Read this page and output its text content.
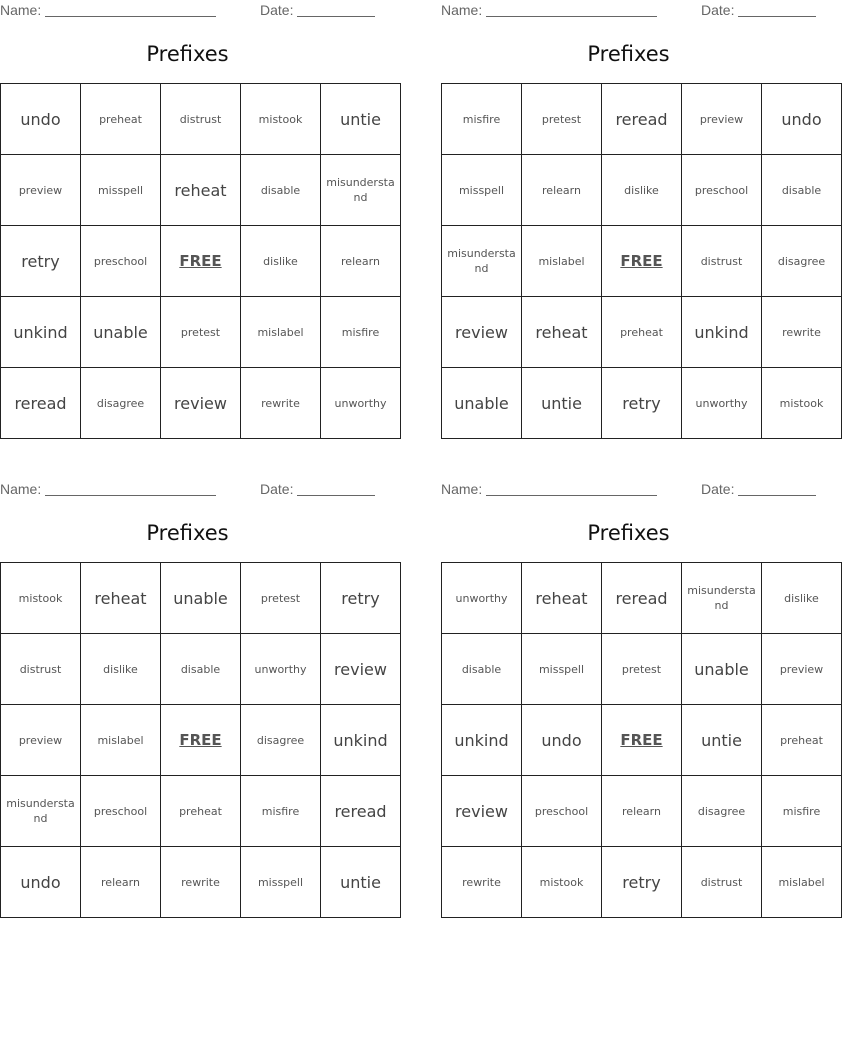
Name:	Date:
Prefixes
undo	preheat	distrust	mistook	untie
preview	misspell	reheat	disable	misunderstand
retry	preschool	FREE	dislike	relearn
unkind	unable	pretest	mislabel	misfire
reread	disagree	review	rewrite	unworthy
Name:	Date:
Prefixes
misfire	pretest	reread	preview	undo
misspell	relearn	dislike	preschool	disable
misunderstand	mislabel	FREE	distrust	disagree
review	reheat	preheat	unkind	rewrite
unable	untie	retry	unworthy	mistook
Name:	Date:
Prefixes
mistook	reheat	unable	pretest	retry
distrust	dislike	disable	unworthy	review
preview	mislabel	FREE	disagree	unkind
misunderstand	preschool	preheat	misfire	reread
undo	relearn	rewrite	misspell	untie
Name:	Date:
Prefixes
unworthy	reheat	reread	misunderstand	dislike
disable	misspell	pretest	unable	preview
unkind	undo	FREE	untie	preheat
review	preschool	relearn	disagree	misfire
rewrite	mistook	retry	distrust	mislabel
